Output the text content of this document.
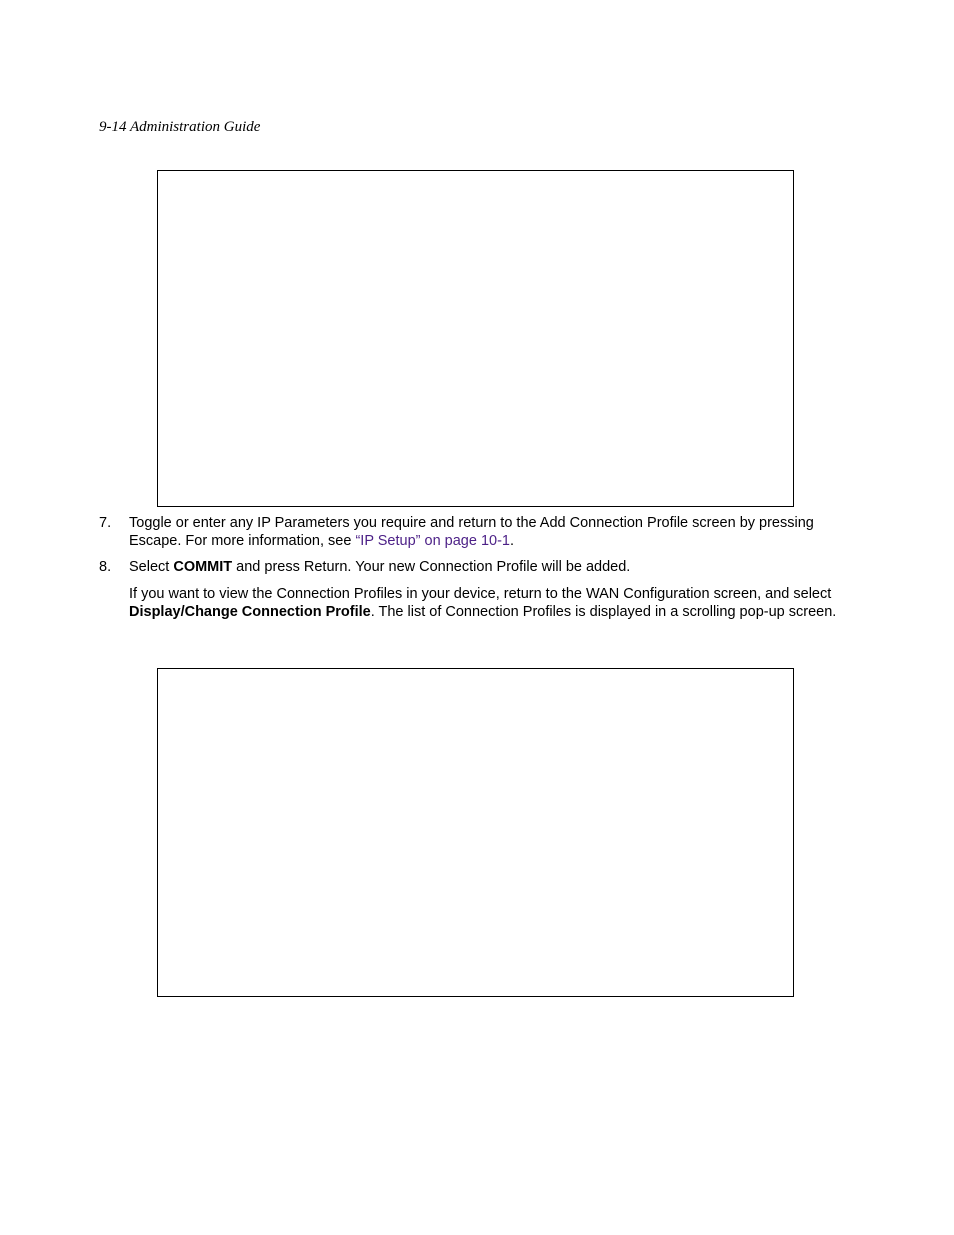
9-14 Administration Guide
7. Toggle or enter any IP Parameters you require and return to the Add Connection Profile screen by pressing Escape. For more information, see “IP Setup” on page 10-1.
8. Select COMMIT and press Return. Your new Connection Profile will be added.
If you want to view the Connection Profiles in your device, return to the WAN Configuration screen, and select Display/Change Connection Profile. The list of Connection Profiles is displayed in a scrolling pop-up screen.
